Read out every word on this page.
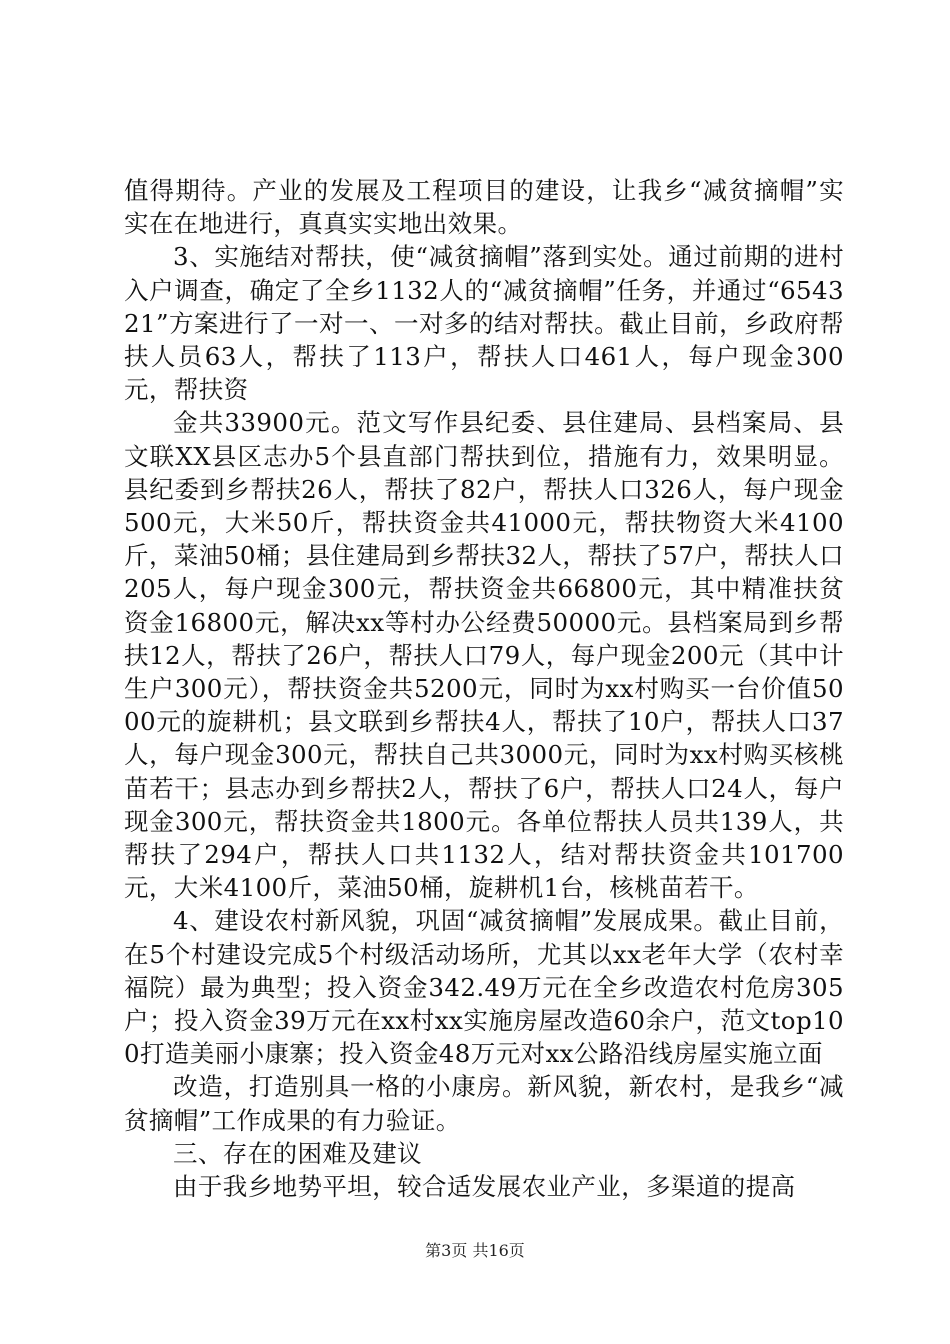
值得期待。产业的发展及工程项目的建设，让我乡“减贫摘帽”实实在在地进行，真真实实地出效果。

3、实施结对帮扶，使“减贫摘帽”落到实处。通过前期的进村入户调查，确定了全乡1132人的“减贫摘帽”任务，并通过“654321”方案进行了一对一、一对多的结对帮扶。截止目前，乡政府帮扶人员63人，帮扶了113户，帮扶人口461人，每户现金300元，帮扶资

金共33900元。范文写作县纪委、县住建局、县档案局、县文联XX县区志办5个县直部门帮扶到位，措施有力，效果明显。县纪委到乡帮扶26人，帮扶了82户，帮扶人口326人，每户现金500元，大米50斤，帮扶资金共41000元，帮扶物资大米4100斤，菜油50桶；县住建局到乡帮扶32人，帮扶了57户，帮扶人口205人，每户现金300元，帮扶资金共66800元，其中精准扶贫资金16800元，解决xx等村办公经费50000元。县档案局到乡帮扶12人，帮扶了26户，帮扶人口79人，每户现金200元（其中计生户300元），帮扶资金共5200元，同时为xx村购买一台价值5000元的旋耕机；县文联到乡帮扶4人，帮扶了10户，帮扶人口37人，每户现金300元，帮扶自己共3000元，同时为xx村购买核桃苗若干；县志办到乡帮扶2人，帮扶了6户，帮扶人口24人，每户现金300元，帮扶资金共1800元。各单位帮扶人员共139人，共帮扶了294户，帮扶人口共1132人，结对帮扶资金共101700元，大米4100斤，菜油50桶，旋耕机1台，核桃苗若干。

4、建设农村新风貌，巩固“减贫摘帽”发展成果。截止目前，在5个村建设完成5个村级活动场所，尤其以xx老年大学（农村幸福院）最为典型；投入资金342.49万元在全乡改造农村危房305户；投入资金39万元在xx村xx实施房屋改造60余户，范文top100打造美丽小康寨；投入资金48万元对xx公路沿线房屋实施立面

改造，打造别具一格的小康房。新风貌，新农村，是我乡“减贫摘帽”工作成果的有力验证。

三、存在的困难及建议

由于我乡地势平坦，较合适发展农业产业，多渠道的提高

第3页 共16页
